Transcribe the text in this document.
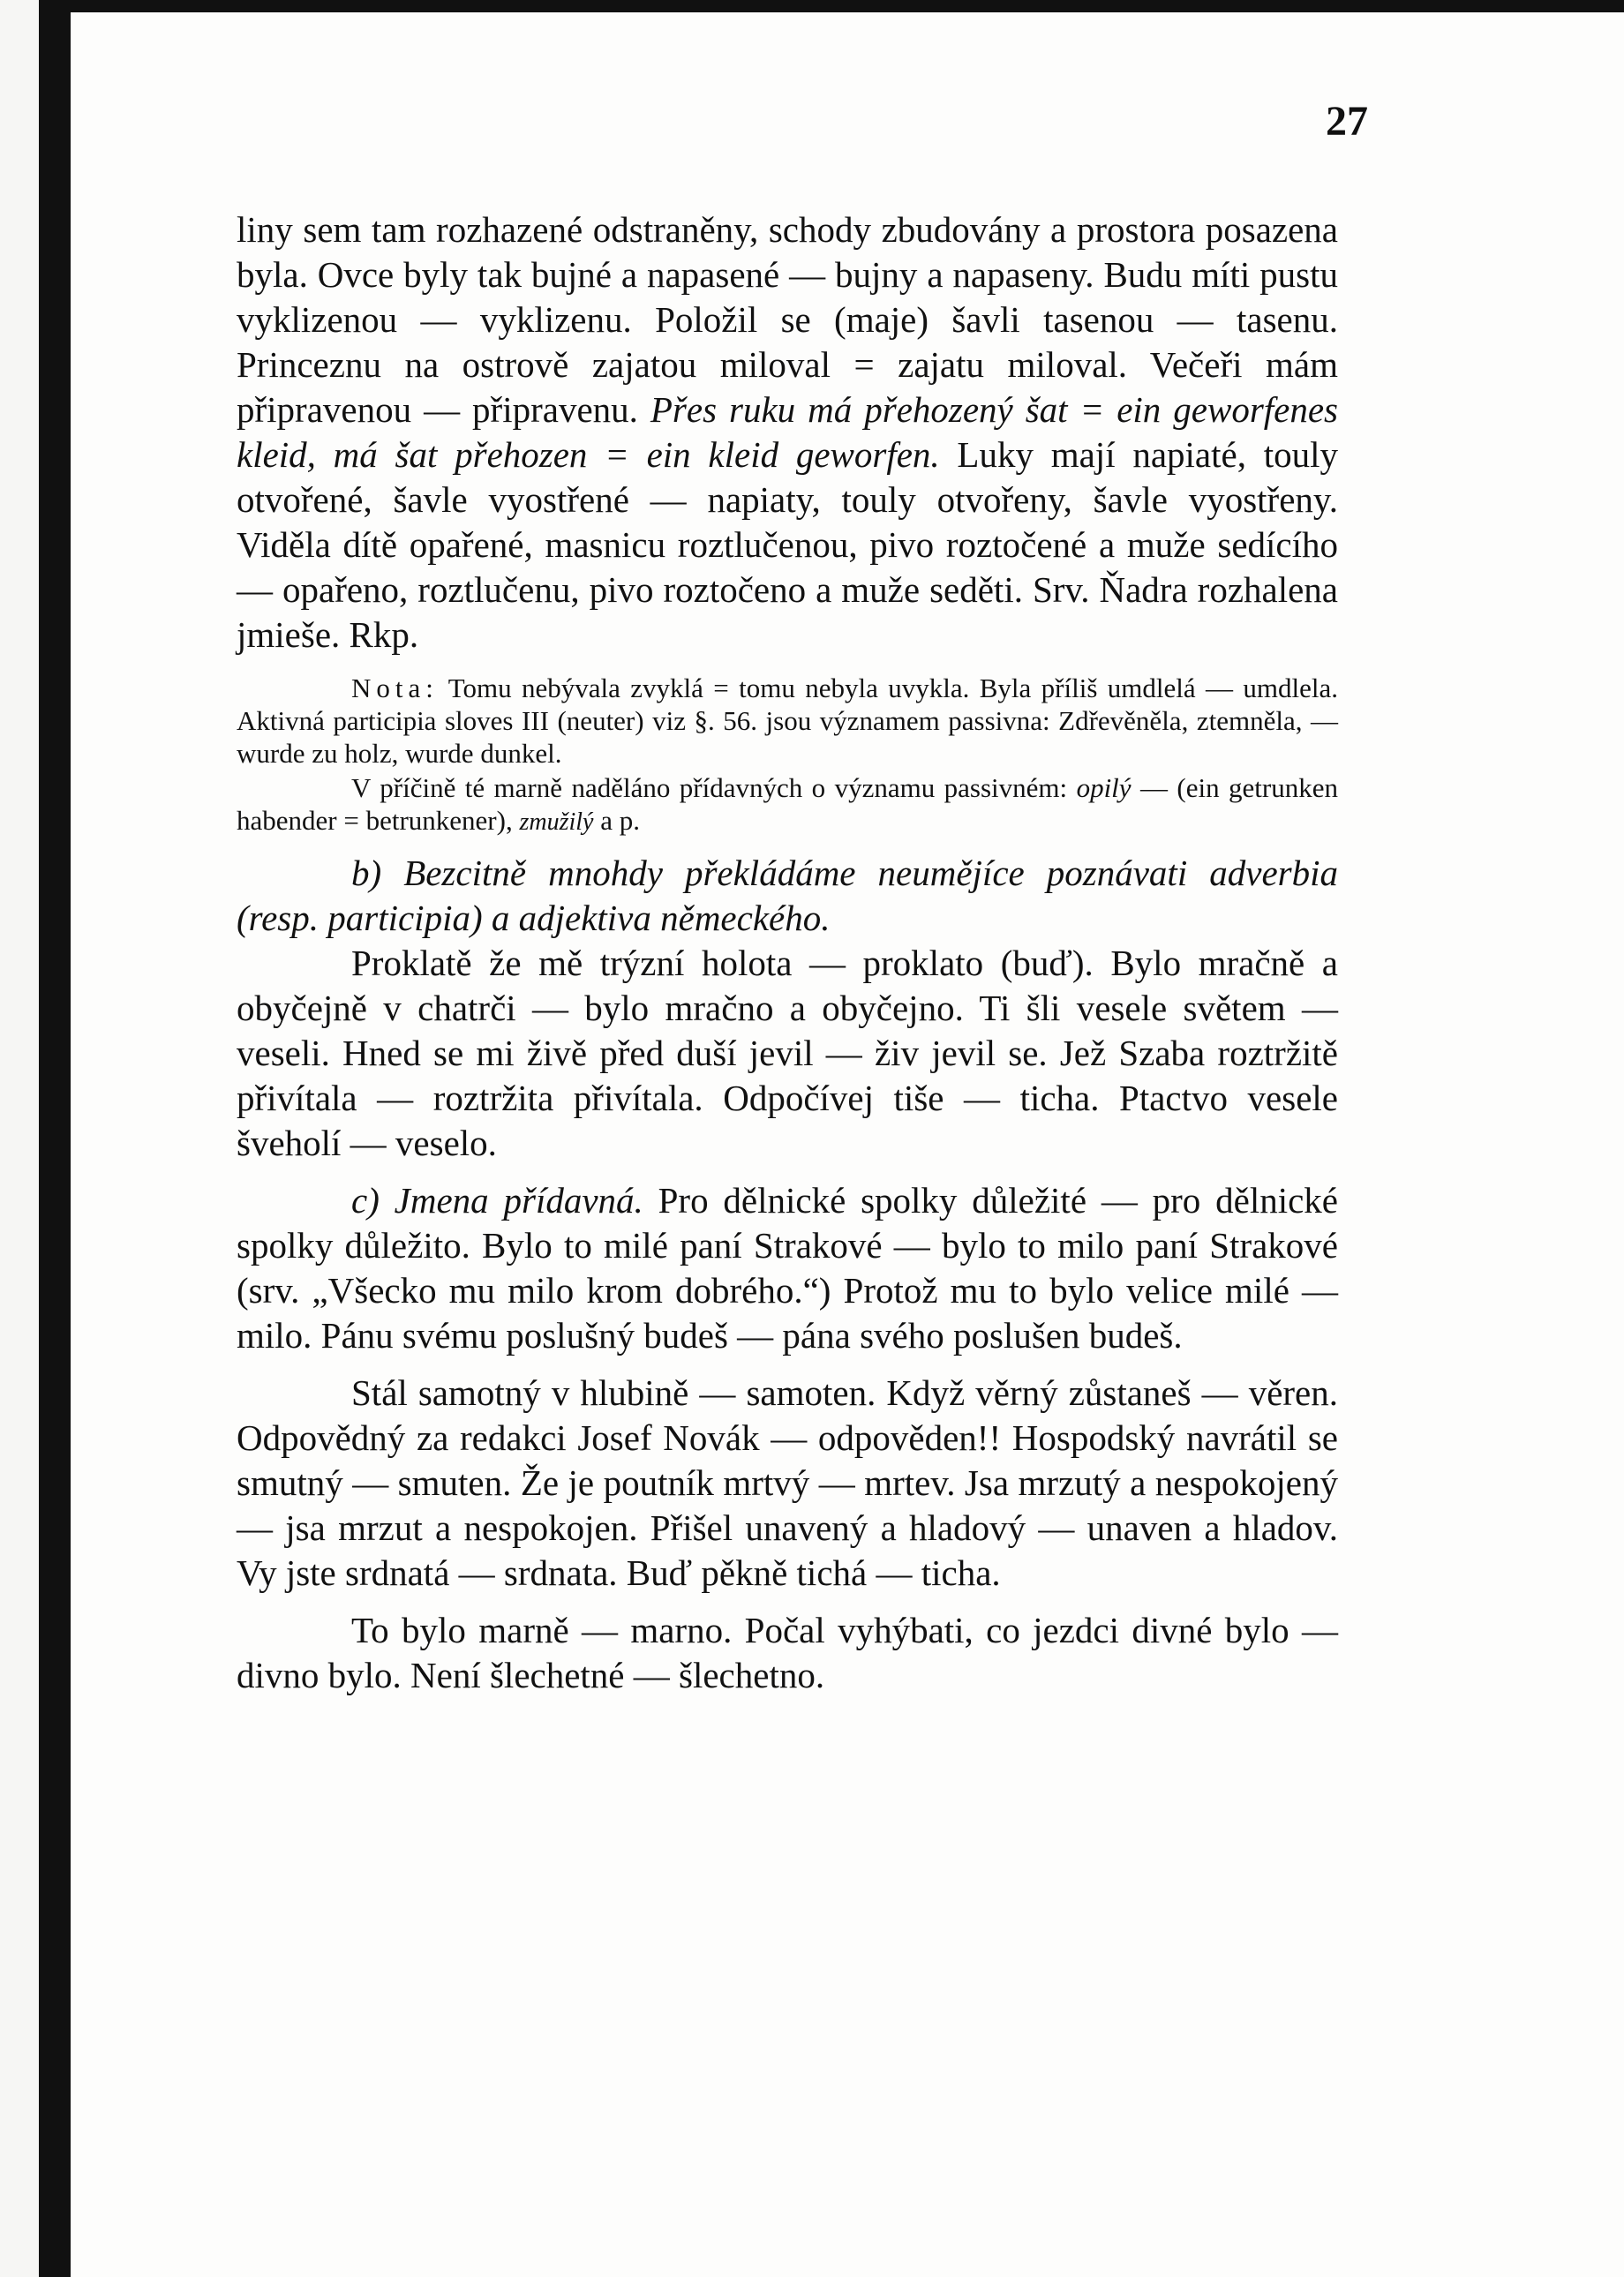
27

liny sem tam rozhazené odstraněny, schody zbudovány a prostora posazena byla. Ovce byly tak bujné a napasené — bujny a napaseny. Budu míti pustu vyklizenou — vyklizenu. Položil se (maje) šavli tasenou — tasenu. Princeznu na ostrově zajatou miloval = zajatu miloval. Večeři mám připravenou — připravenu. Přes ruku má přehozený šat = ein geworfenes kleid, má šat přehozen = ein kleid geworfen. Luky mají napiaté, touly otvořené, šavle vyostřené — napiaty, touly otvořeny, šavle vyostřeny. Viděla dítě opařené, masnicu roztlučenou, pivo roztočené a muže sedícího — opařeno, roztlučenu, pivo roztočeno a muže seděti. Srv. Ňadra rozhalena jmieše. Rkp.

Nota: Tomu nebývala zvyklá = tomu nebyla uvykla. Byla příliš umdlelá — umdlela. Aktivná participia sloves III (neuter) viz §. 56. jsou významem passivna: Zdřevěněla, ztemněla, — wurde zu holz, wurde dunkel.

V příčině té marně naděláno přídavných o významu passivném: opilý — (ein getrunken habender = betrunkener), zmužilý a p.

b) Bezcitně mnohdy překládáme neumějíce poznávati adverbia (resp. participia) a adjektiva německého.

Proklatě že mě trýzní holota — proklato (buď). Bylo mračně a obyčejně v chatrči — bylo mračno a obyčejno. Ti šli vesele světem — veseli. Hned se mi živě před duší jevil — živ jevil se. Jež Szaba roztržitě přivítala — roztržita přivítala. Odpočívej tiše — ticha. Ptactvo vesele šveholí — veselo.

c) Jmena přídavná. Pro dělnické spolky důležité — pro dělnické spolky důležito. Bylo to milé paní Strakové — bylo to milo paní Strakové (srv. „Všecko mu milo krom dobrého.“) Protož mu to bylo velice milé — milo. Pánu svému poslušný budeš — pána svého poslušen budeš.

Stál samotný v hlubině — samoten. Když věrný zůstaneš — věren. Odpovědný za redakci Josef Novák — odpověden!! Hospodský navrátil se smutný — smuten. Že je poutník mrtvý — mrtev. Jsa mrzutý a nespokojený — jsa mrzut a nespokojen. Přišel unavený a hladový — unaven a hladov. Vy jste srdnatá — srdnata. Buď pěkně tichá — ticha.

To bylo marně — marno. Počal vyhýbati, co jezdci divné bylo — divno bylo. Není šlechetné — šlechetno.
